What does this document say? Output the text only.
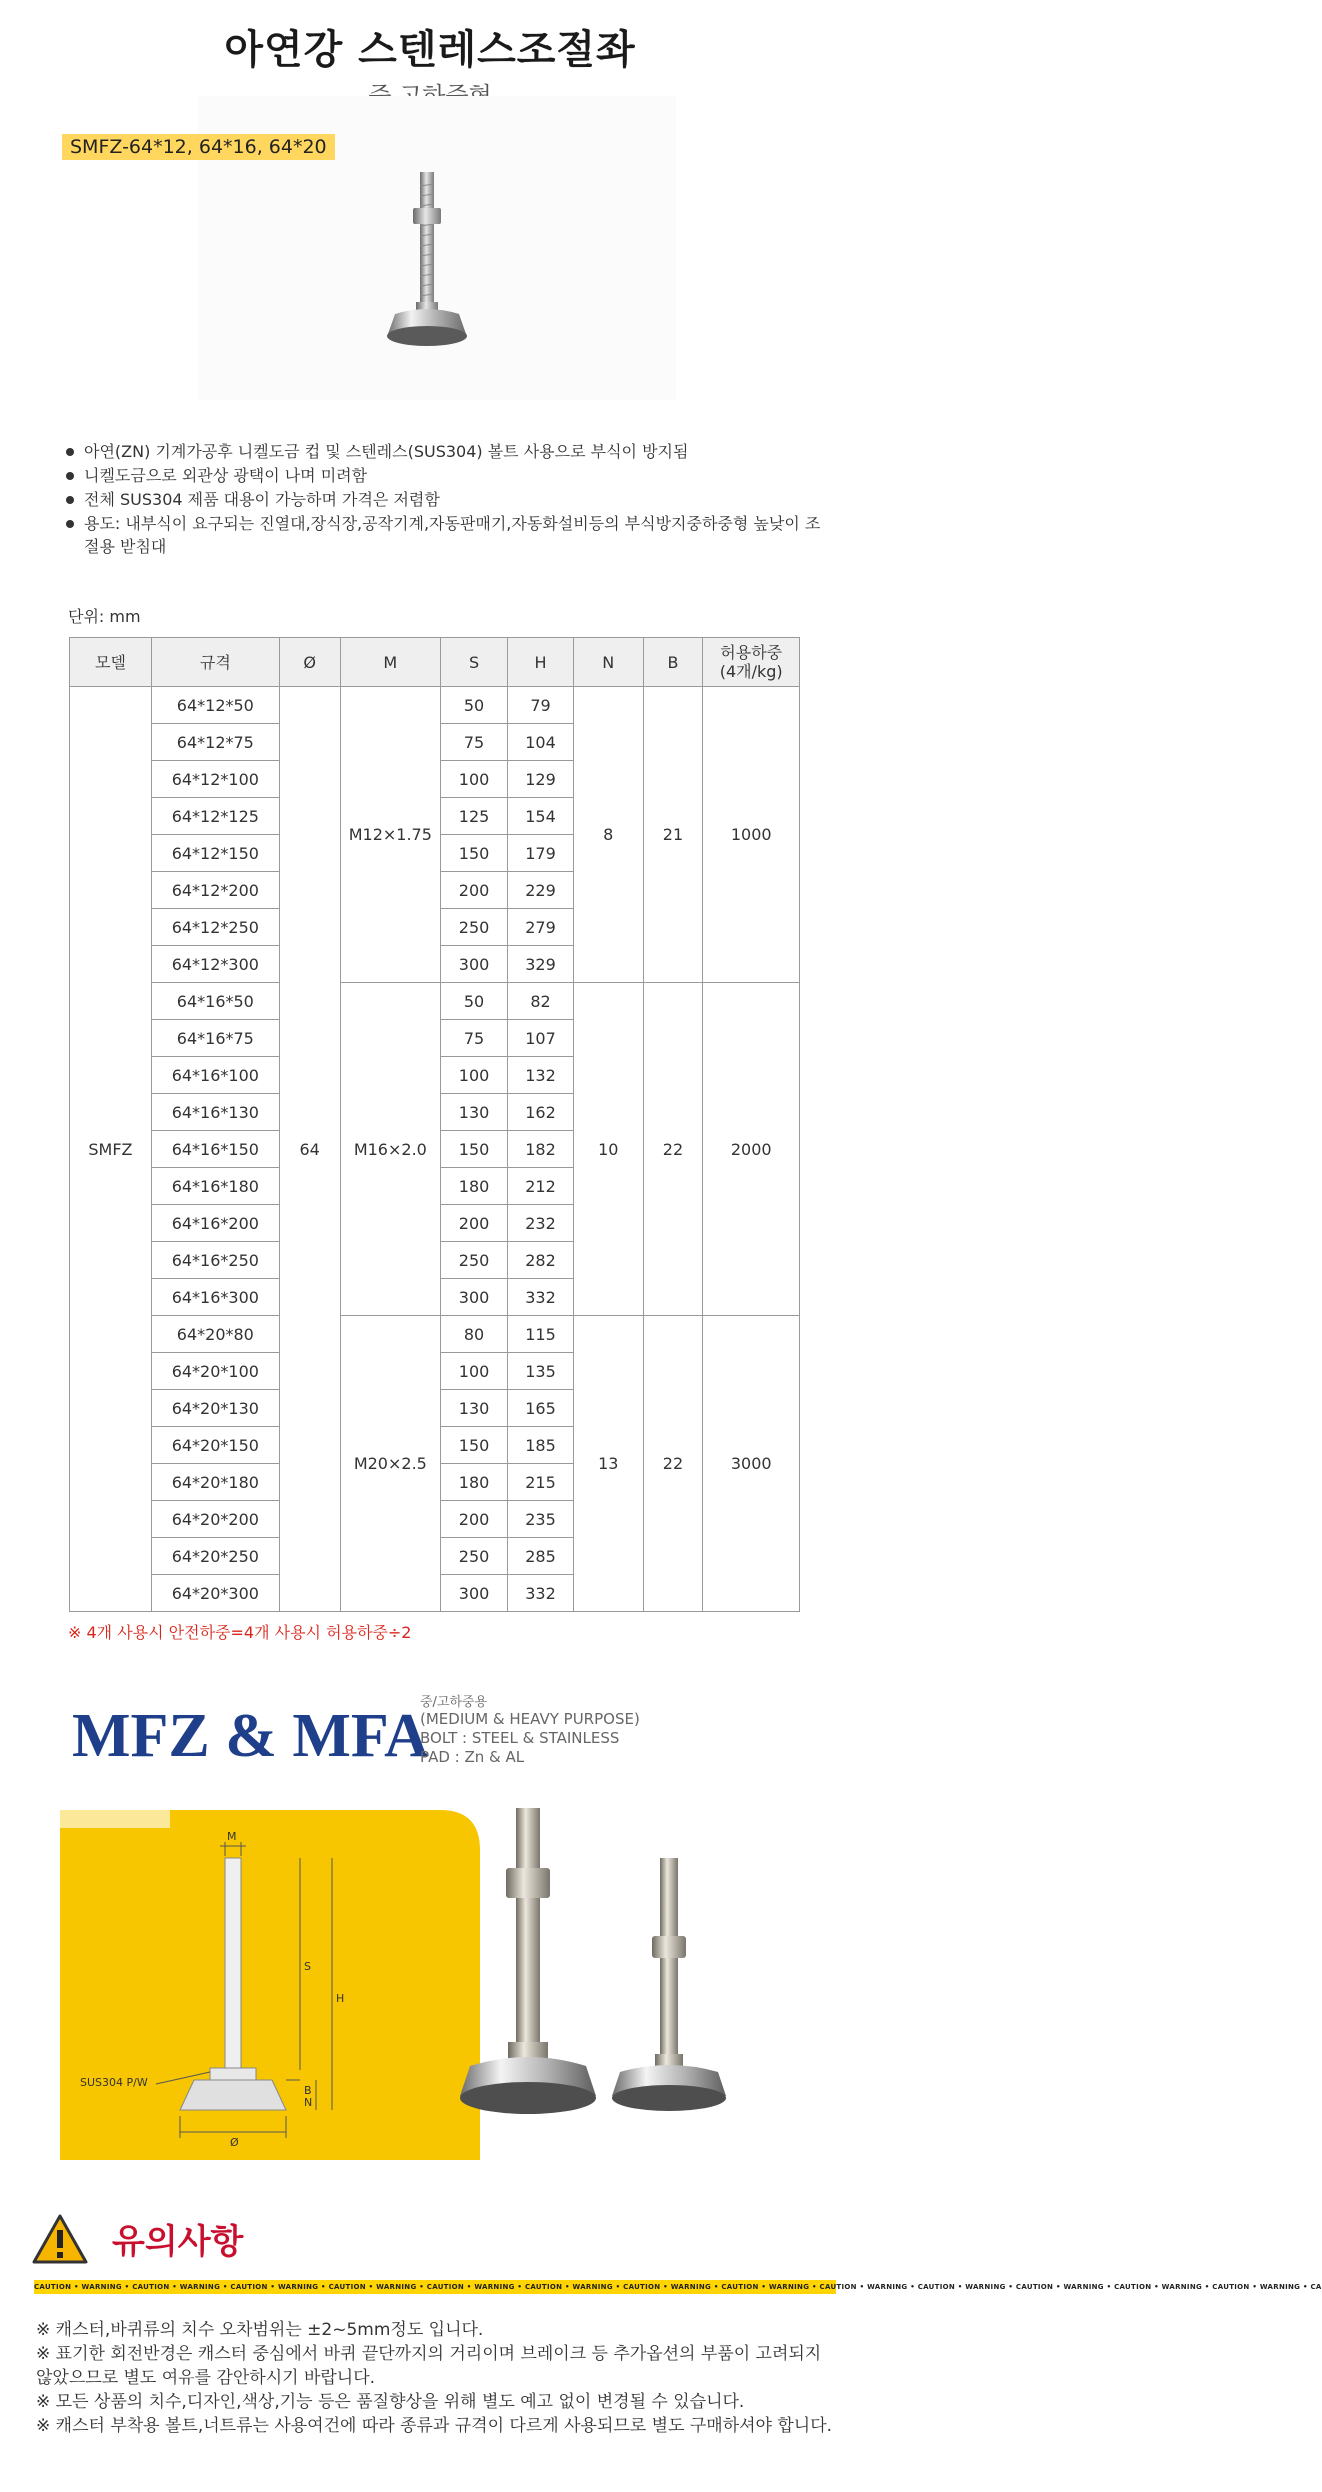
아연강 스텐레스조절좌
SMFZ-64*12, 64*16, 64*20
아연(ZN) 기계가공후 니켈도금 컵 및 스텐레스(SUS304) 볼트 사용으로 부식이 방지됨
니켈도금으로 외관상 광택이 나며 미려함
전체 SUS304 제품 대용이 가능하며 가격은 저렴함
용도: 내부식이 요구되는 진열대,장식장,공작기계,자동판매기,자동화설비등의 부식방지중하중형 높낮이 조절용 받침대
단위: mm
모델	규격	Ø	M	S	H	N	B	허용하중
(4개/kg)
SMFZ	64*12*50	64	M12×1.75	50	79	8	21	1000
	64*12*75			75	104			
	64*12*100			100	129			
	64*12*125			125	154			
	64*12*150			150	179			
	64*12*200			200	229			
	64*12*250			250	279			
	64*12*300			300	329			
	64*16*50		M16×2.0	50	82	10	22	2000
	64*16*75			75	107			
	64*16*100			100	132			
	64*16*130			130	162			
	64*16*150			150	182			
	64*16*180			180	212			
	64*16*200			200	232			
	64*16*250			250	282			
	64*16*300			300	332			
	64*20*80		M20×2.5	80	115	13	22	3000
	64*20*100			100	135			
	64*20*130			130	165			
	64*20*150			150	185			
	64*20*180			180	215			
	64*20*200			200	235			
	64*20*250			250	285			
	64*20*300			300	332			
※ 4개 사용시 안전하중=4개 사용시 허용하중÷2
MFZ & MFA
중/고하중용
(MEDIUM & HEAVY PURPOSE)
BOLT : STEEL & STAINLESS
PAD : Zn & AL
M
S
H
B
N
Ø
SUS304 P/W
유의사항
CAUTION • WARNING • CAUTION • WARNING • CAUTION • WARNING • CAUTION • WARNING • CAUTION • WARNING • CAUTION • WARNING • CAUTION • WARNING • CAUTION • WARNING • CAUTION • WARNING • CAUTION • WARNING • CAUTION • WARNING • CAUTION • WARNING • CAUTION • WARNING • CA

※ 캐스터,바퀴류의 치수 오차범위는 ±2~5mm정도 입니다.

※ 표기한 회전반경은 캐스터 중심에서 바퀴 끝단까지의 거리이며 브레이크 등 추가옵션의 부품이 고려되지 않았으므로 별도 여유를 감안하시기 바랍니다.

※ 모든 상품의 치수,디자인,색상,기능 등은 품질향상을 위해 별도 예고 없이 변경될 수 있습니다.

※ 캐스터 부착용 볼트,너트류는 사용여건에 따라 종류과 규격이 다르게 사용되므로 별도 구매하셔야 합니다.
